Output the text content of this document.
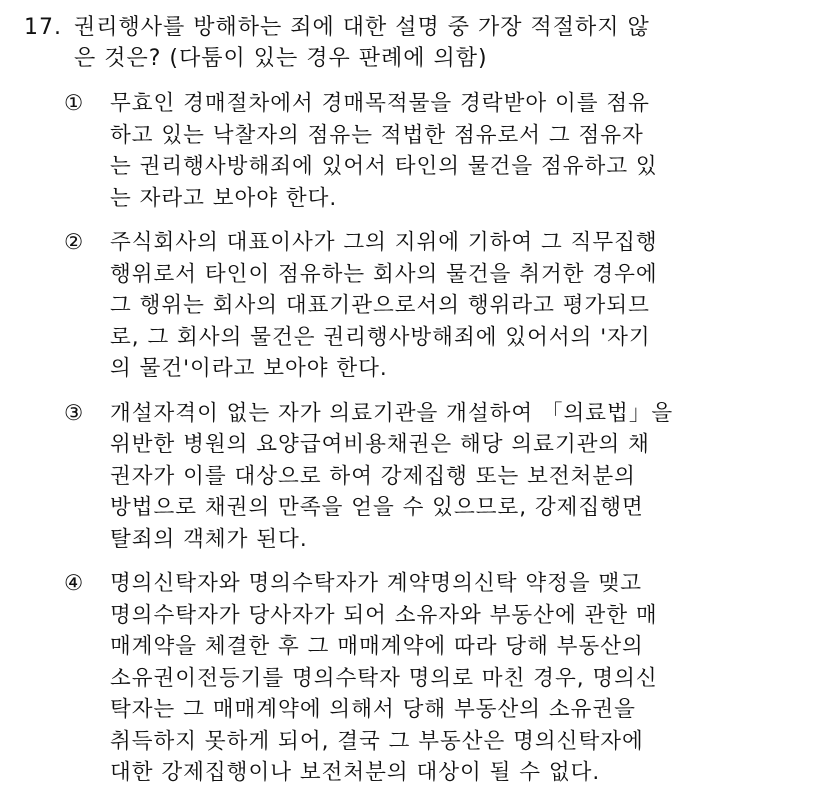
17. 권리행사를 방해하는 죄에 대한 설명 중 가장 적절하지 않
은 것은? (다툼이 있는 경우 판례에 의함)
①	무효인 경매절차에서 경매목적물을 경락받아 이를 점유
하고 있는 낙찰자의 점유는 적법한 점유로서 그 점유자
는 권리행사방해죄에 있어서 타인의 물건을 점유하고 있
는 자라고 보아야 한다.
②	주식회사의 대표이사가 그의 지위에 기하여 그 직무집행
행위로서 타인이 점유하는 회사의 물건을 취거한 경우에
그 행위는 회사의 대표기관으로서의 행위라고 평가되므
로, 그 회사의 물건은 권리행사방해죄에 있어서의 '자기
의 물건'이라고 보아야 한다.
③	개설자격이 없는 자가 의료기관을 개설하여 「의료법」을
위반한 병원의 요양급여비용채권은 해당 의료기관의 채
권자가 이를 대상으로 하여 강제집행 또는 보전처분의
방법으로 채권의 만족을 얻을 수 있으므로, 강제집행면
탈죄의 객체가 된다.
④	명의신탁자와 명의수탁자가 계약명의신탁 약정을 맺고
명의수탁자가 당사자가 되어 소유자와 부동산에 관한 매
매계약을 체결한 후 그 매매계약에 따라 당해 부동산의
소유권이전등기를 명의수탁자 명의로 마친 경우, 명의신
탁자는 그 매매계약에 의해서 당해 부동산의 소유권을
취득하지 못하게 되어, 결국 그 부동산은 명의신탁자에
대한 강제집행이나 보전처분의 대상이 될 수 없다.
